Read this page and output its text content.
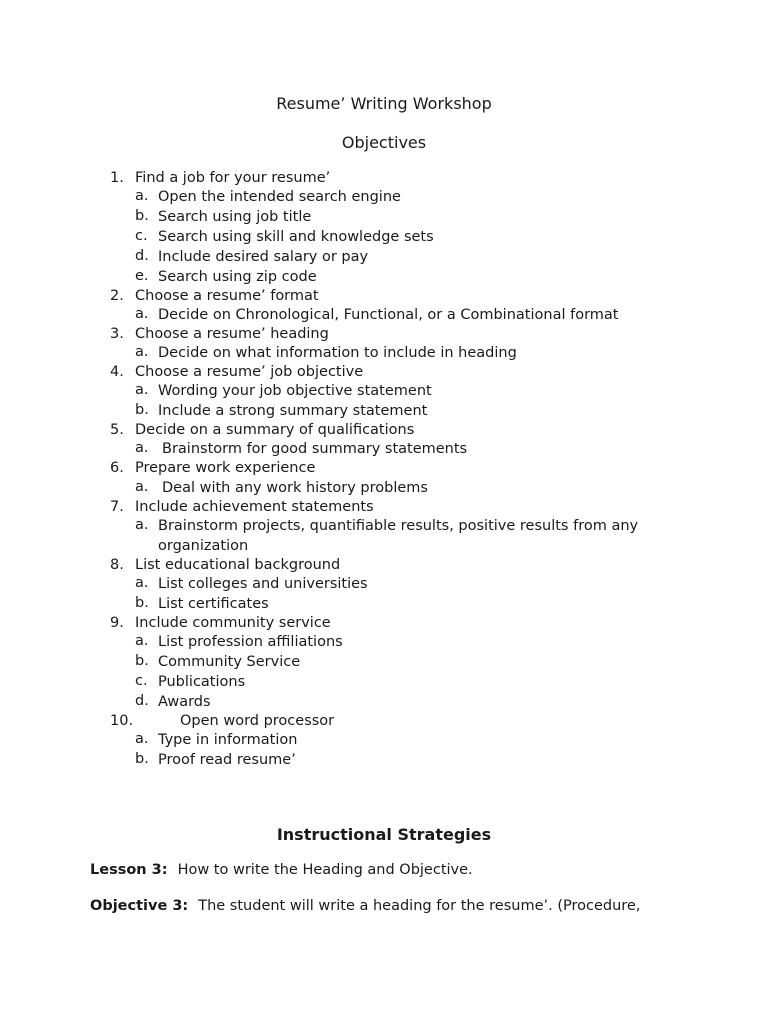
Resume’ Writing Workshop
Objectives
1. Find a job for your resume’
a. Open the intended search engine
b. Search using job title
c. Search using skill and knowledge sets
d. Include desired salary or pay
e. Search using zip code
2. Choose a resume’ format
a. Decide on Chronological, Functional, or a Combinational format
3. Choose a resume’ heading
a. Decide on what information to include in heading
4. Choose a resume’ job objective
a. Wording your job objective statement
b. Include a strong summary statement
5. Decide on a summary of qualifications
a. Brainstorm for good summary statements
6. Prepare work experience
a. Deal with any work history problems
7. Include achievement statements
a. Brainstorm projects, quantifiable results, positive results from any organization
8. List educational background
a. List colleges and universities
b. List certificates
9. Include community service
a. List profession affiliations
b. Community Service
c. Publications
d. Awards
10.	Open word processor
a. Type in information
b. Proof read resume’
Instructional Strategies

Lesson 3: How to write the Heading and Objective.

Objective 3: The student will write a heading for the resume’. (Procedure,
